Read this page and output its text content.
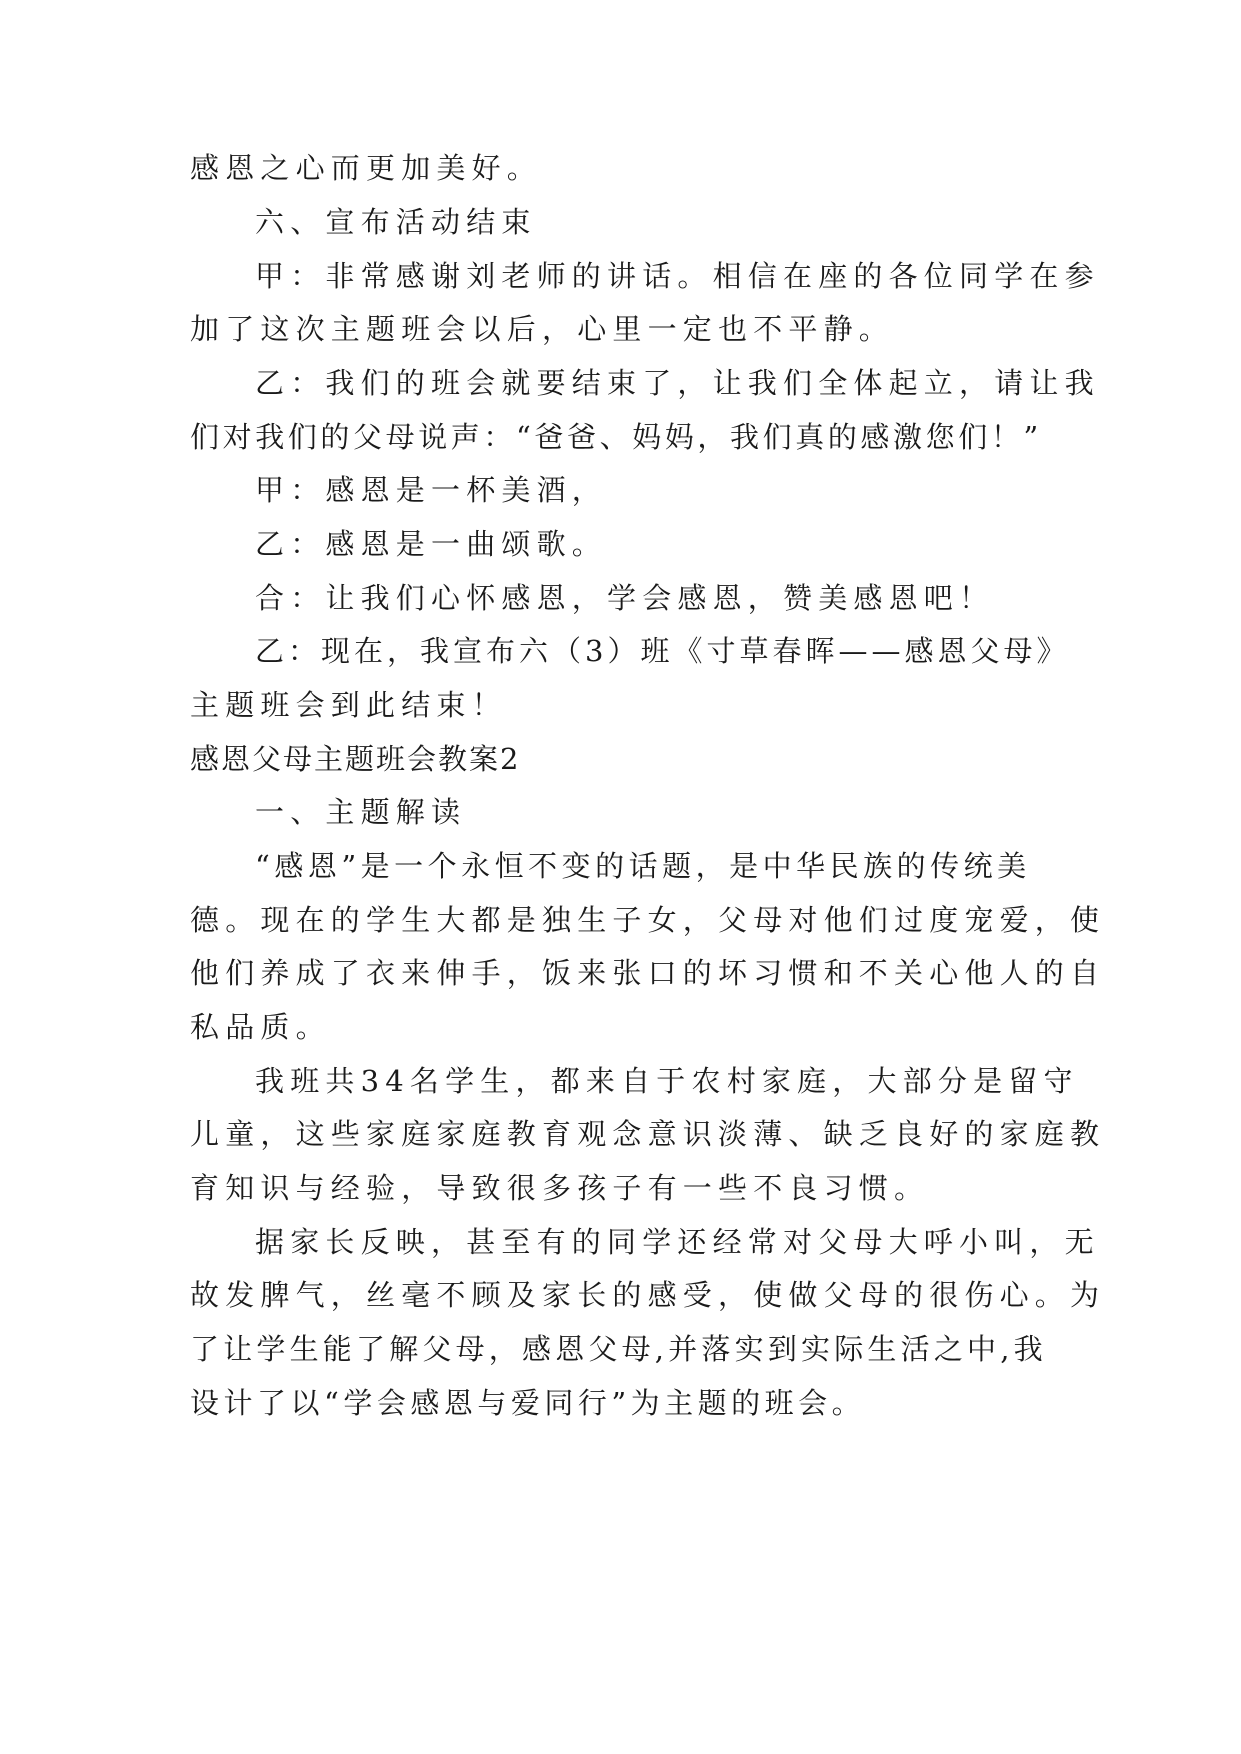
感恩之心而更加美好。
六、宣布活动结束
甲：非常感谢刘老师的讲话。相信在座的各位同学在参
加了这次主题班会以后，心里一定也不平静。
乙：我们的班会就要结束了，让我们全体起立，请让我
们对我们的父母说声：“爸爸、妈妈，我们真的感激您们！”
甲：感恩是一杯美酒，
乙：感恩是一曲颂歌。
合：让我们心怀感恩，学会感恩，赞美感恩吧！
乙：现在，我宣布六（3）班《寸草春晖——感恩父母》
主题班会到此结束！
感恩父母主题班会教案2
一、主题解读
“感恩”是一个永恒不变的话题，是中华民族的传统美
德。现在的学生大都是独生子女，父母对他们过度宠爱，使
他们养成了衣来伸手，饭来张口的坏习惯和不关心他人的自
私品质。
我班共34名学生，都来自于农村家庭，大部分是留守
儿童，这些家庭家庭教育观念意识淡薄、缺乏良好的家庭教
育知识与经验，导致很多孩子有一些不良习惯。
据家长反映，甚至有的同学还经常对父母大呼小叫，无
故发脾气，丝毫不顾及家长的感受，使做父母的很伤心。为
了让学生能了解父母，感恩父母,并落实到实际生活之中,我
设计了以“学会感恩与爱同行”为主题的班会。
